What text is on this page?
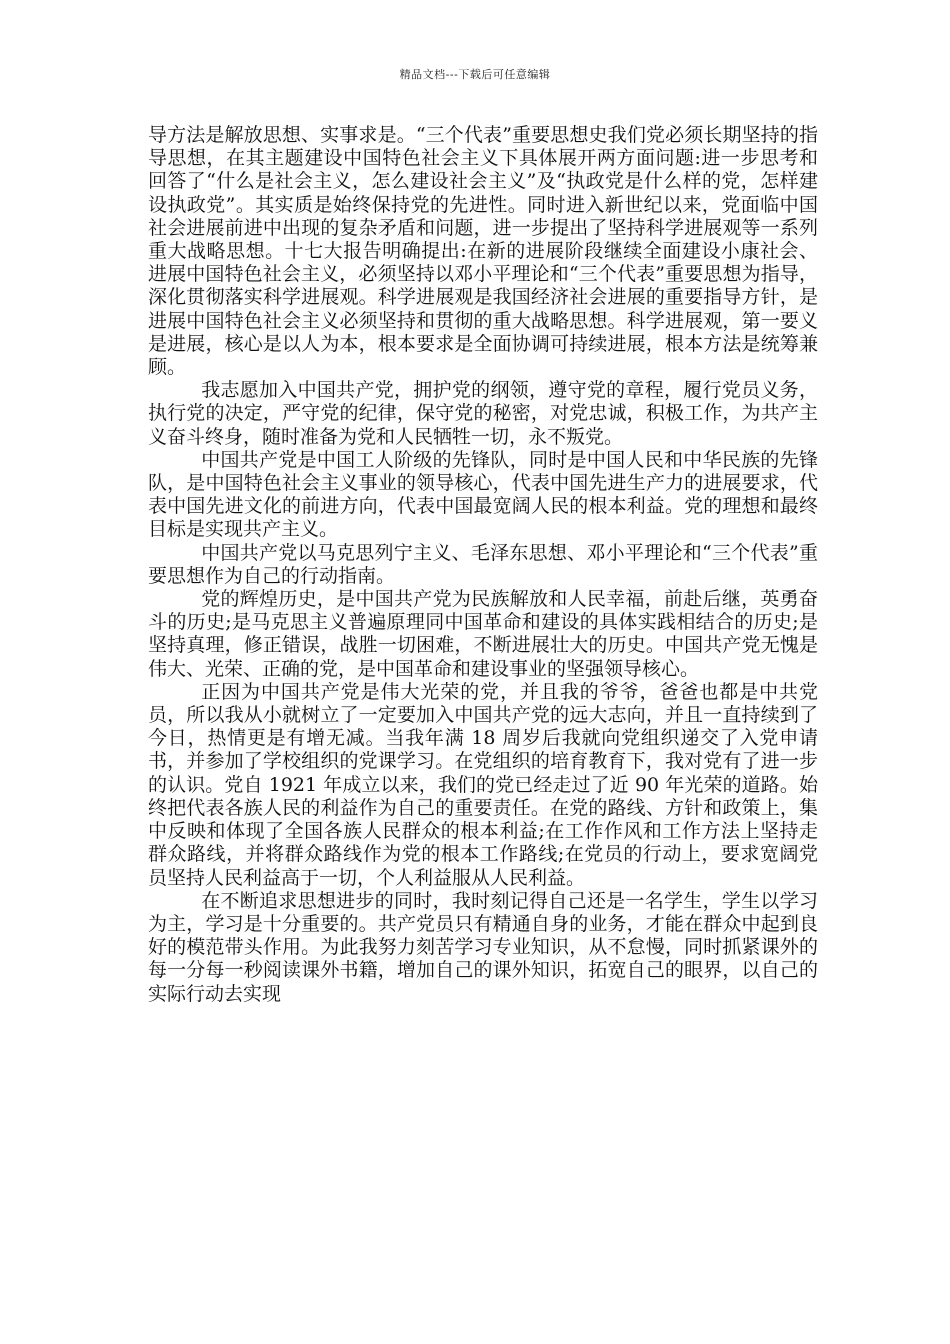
精品文档---下载后可任意编辑

导方法是解放思想、实事求是。“三个代表”重要思想史我们党必须长期坚持的指导思想，在其主题建设中国特色社会主义下具体展开两方面问题:进一步思考和回答了“什么是社会主义，怎么建设社会主义”及“执政党是什么样的党，怎样建设执政党”。其实质是始终保持党的先进性。同时进入新世纪以来，党面临中国社会进展前进中出现的复杂矛盾和问题，进一步提出了坚持科学进展观等一系列重大战略思想。十七大报告明确提出:在新的进展阶段继续全面建设小康社会、进展中国特色社会主义，必须坚持以邓小平理论和“三个代表”重要思想为指导，深化贯彻落实科学进展观。科学进展观是我国经济社会进展的重要指导方针，是进展中国特色社会主义必须坚持和贯彻的重大战略思想。科学进展观，第一要义是进展，核心是以人为本，根本要求是全面协调可持续进展，根本方法是统筹兼顾。

我志愿加入中国共产党，拥护党的纲领，遵守党的章程，履行党员义务，执行党的决定，严守党的纪律，保守党的秘密，对党忠诚，积极工作，为共产主义奋斗终身，随时准备为党和人民牺牲一切，永不叛党。

中国共产党是中国工人阶级的先锋队，同时是中国人民和中华民族的先锋队，是中国特色社会主义事业的领导核心，代表中国先进生产力的进展要求，代表中国先进文化的前进方向，代表中国最宽阔人民的根本利益。党的理想和最终目标是实现共产主义。

中国共产党以马克思列宁主义、毛泽东思想、邓小平理论和“三个代表”重要思想作为自己的行动指南。

党的辉煌历史，是中国共产党为民族解放和人民幸福，前赴后继，英勇奋斗的历史;是马克思主义普遍原理同中国革命和建设的具体实践相结合的历史;是坚持真理，修正错误，战胜一切困难，不断进展壮大的历史。中国共产党无愧是伟大、光荣、正确的党，是中国革命和建设事业的坚强领导核心。

正因为中国共产党是伟大光荣的党，并且我的爷爷，爸爸也都是中共党员，所以我从小就树立了一定要加入中国共产党的远大志向，并且一直持续到了今日，热情更是有增无减。当我年满 18 周岁后我就向党组织递交了入党申请书，并参加了学校组织的党课学习。在党组织的培育教育下，我对党有了进一步的认识。党自 1921 年成立以来，我们的党已经走过了近 90 年光荣的道路。始终把代表各族人民的利益作为自己的重要责任。在党的路线、方针和政策上，集中反映和体现了全国各族人民群众的根本利益;在工作作风和工作方法上坚持走群众路线，并将群众路线作为党的根本工作路线;在党员的行动上，要求宽阔党员坚持人民利益高于一切，个人利益服从人民利益。

在不断追求思想进步的同时，我时刻记得自己还是一名学生，学生以学习为主，学习是十分重要的。共产党员只有精通自身的业务，才能在群众中起到良好的模范带头作用。为此我努力刻苦学习专业知识，从不怠慢，同时抓紧课外的每一分每一秒阅读课外书籍，增加自己的课外知识，拓宽自己的眼界，以自己的实际行动去实现
